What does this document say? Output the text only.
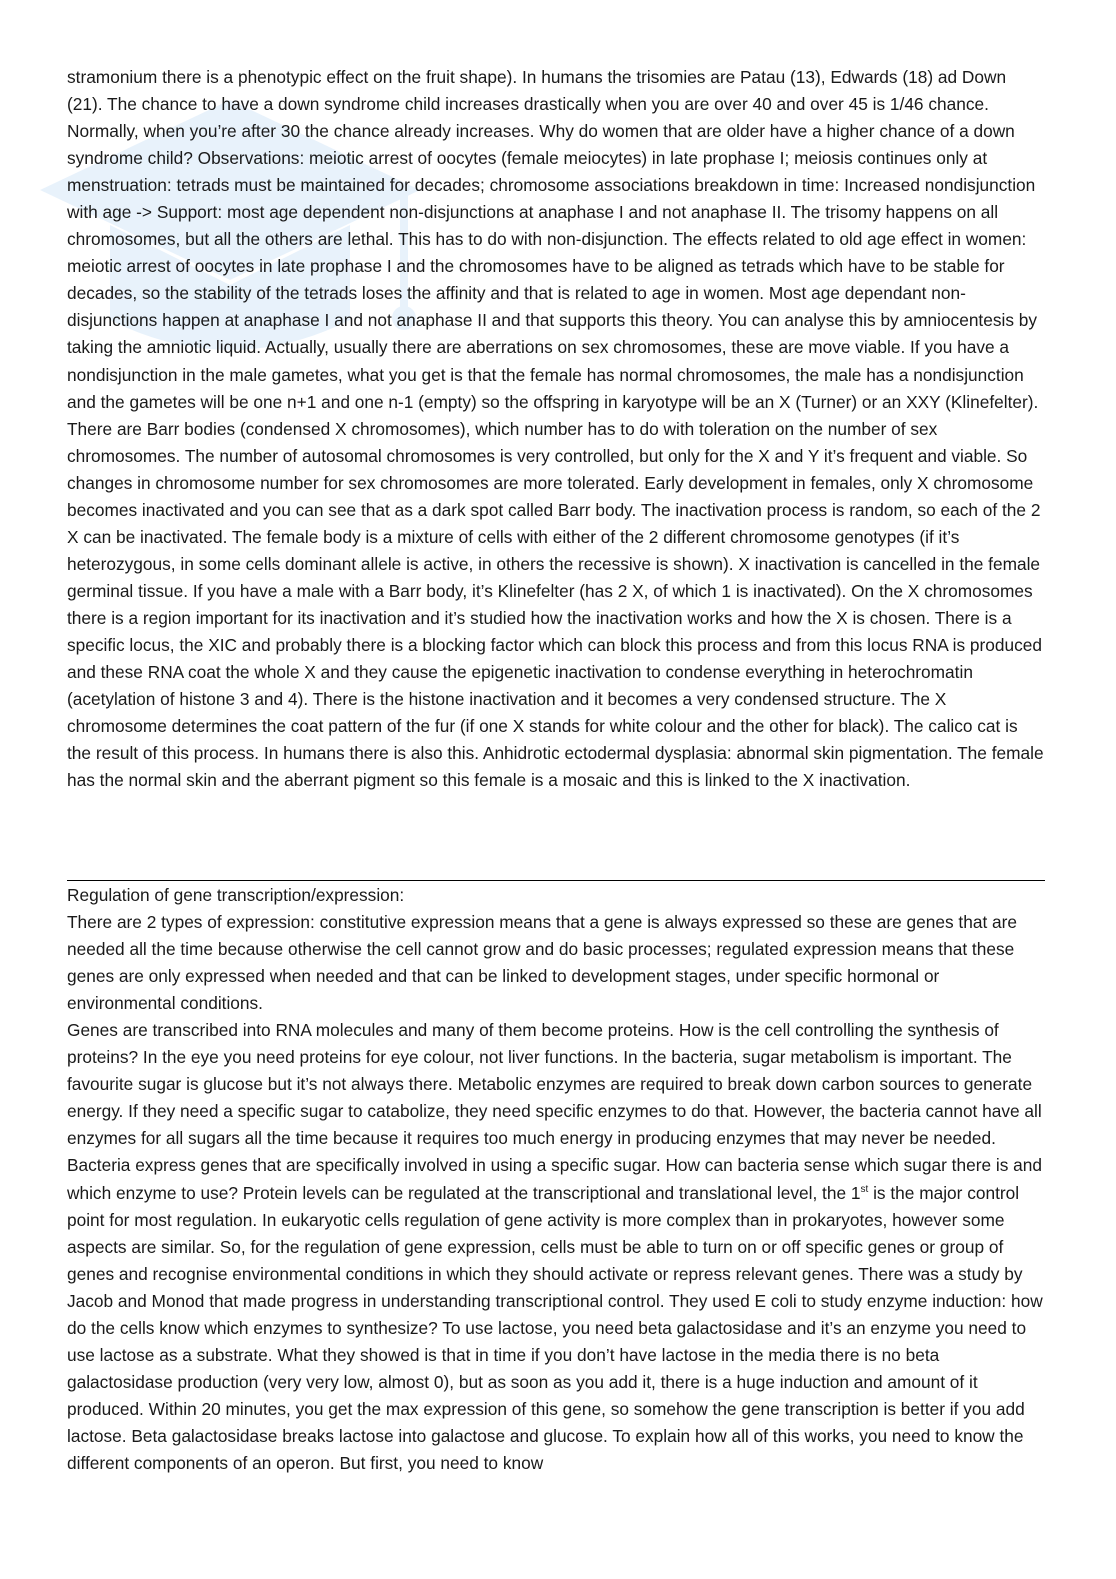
stramonium there is a phenotypic effect on the fruit shape). In humans the trisomies are Patau (13), Edwards (18) ad Down (21). The chance to have a down syndrome child increases drastically when you are over 40 and over 45 is 1/46 chance. Normally, when you’re after 30 the chance already increases. Why do women that are older have a higher chance of a down syndrome child? Observations: meiotic arrest of oocytes (female meiocytes) in late prophase I; meiosis continues only at menstruation: tetrads must be maintained for decades; chromosome associations breakdown in time: Increased nondisjunction with age -> Support: most age dependent non-disjunctions at anaphase I and not anaphase II. The trisomy happens on all chromosomes, but all the others are lethal. This has to do with non-disjunction. The effects related to old age effect in women: meiotic arrest of oocytes in late prophase I and the chromosomes have to be aligned as tetrads which have to be stable for decades, so the stability of the tetrads loses the affinity and that is related to age in women. Most age dependant non-disjunctions happen at anaphase I and not anaphase II and that supports this theory. You can analyse this by amniocentesis by taking the amniotic liquid. Actually, usually there are aberrations on sex chromosomes, these are move viable. If you have a nondisjunction in the male gametes, what you get is that the female has normal chromosomes, the male has a nondisjunction and the gametes will be one n+1 and one n-1 (empty) so the offspring in karyotype will be an X (Turner) or an XXY (Klinefelter). There are Barr bodies (condensed X chromosomes), which number has to do with toleration on the number of sex chromosomes. The number of autosomal chromosomes is very controlled, but only for the X and Y it’s frequent and viable. So changes in chromosome number for sex chromosomes are more tolerated. Early development in females, only X chromosome becomes inactivated and you can see that as a dark spot called Barr body. The inactivation process is random, so each of the 2 X can be inactivated. The female body is a mixture of cells with either of the 2 different chromosome genotypes (if it’s heterozygous, in some cells dominant allele is active, in others the recessive is shown). X inactivation is cancelled in the female germinal tissue. If you have a male with a Barr body, it’s Klinefelter (has 2 X, of which 1 is inactivated). On the X chromosomes there is a region important for its inactivation and it’s studied how the inactivation works and how the X is chosen. There is a specific locus, the XIC and probably there is a blocking factor which can block this process and from this locus RNA is produced and these RNA coat the whole X and they cause the epigenetic inactivation to condense everything in heterochromatin (acetylation of histone 3 and 4). There is the histone inactivation and it becomes a very condensed structure. The X chromosome determines the coat pattern of the fur (if one X stands for white colour and the other for black). The calico cat is the result of this process. In humans there is also this. Anhidrotic ectodermal dysplasia: abnormal skin pigmentation. The female has the normal skin and the aberrant pigment so this female is a mosaic and this is linked to the X inactivation.

Regulation of gene transcription/expression:

There are 2 types of expression: constitutive expression means that a gene is always expressed so these are genes that are needed all the time because otherwise the cell cannot grow and do basic processes; regulated expression means that these genes are only expressed when needed and that can be linked to development stages, under specific hormonal or environmental conditions.

Genes are transcribed into RNA molecules and many of them become proteins. How is the cell controlling the synthesis of proteins? In the eye you need proteins for eye colour, not liver functions. In the bacteria, sugar metabolism is important. The favourite sugar is glucose but it’s not always there. Metabolic enzymes are required to break down carbon sources to generate energy. If they need a specific sugar to catabolize, they need specific enzymes to do that. However, the bacteria cannot have all enzymes for all sugars all the time because it requires too much energy in producing enzymes that may never be needed. Bacteria express genes that are specifically involved in using a specific sugar. How can bacteria sense which sugar there is and which enzyme to use? Protein levels can be regulated at the transcriptional and translational level, the 1st is the major control point for most regulation. In eukaryotic cells regulation of gene activity is more complex than in prokaryotes, however some aspects are similar. So, for the regulation of gene expression, cells must be able to turn on or off specific genes or group of genes and recognise environmental conditions in which they should activate or repress relevant genes. There was a study by Jacob and Monod that made progress in understanding transcriptional control. They used E coli to study enzyme induction: how do the cells know which enzymes to synthesize? To use lactose, you need beta galactosidase and it’s an enzyme you need to use lactose as a substrate. What they showed is that in time if you don’t have lactose in the media there is no beta galactosidase production (very very low, almost 0), but as soon as you add it, there is a huge induction and amount of it produced. Within 20 minutes, you get the max expression of this gene, so somehow the gene transcription is better if you add lactose. Beta galactosidase breaks lactose into galactose and glucose. To explain how all of this works, you need to know the different components of an operon. But first, you need to know
